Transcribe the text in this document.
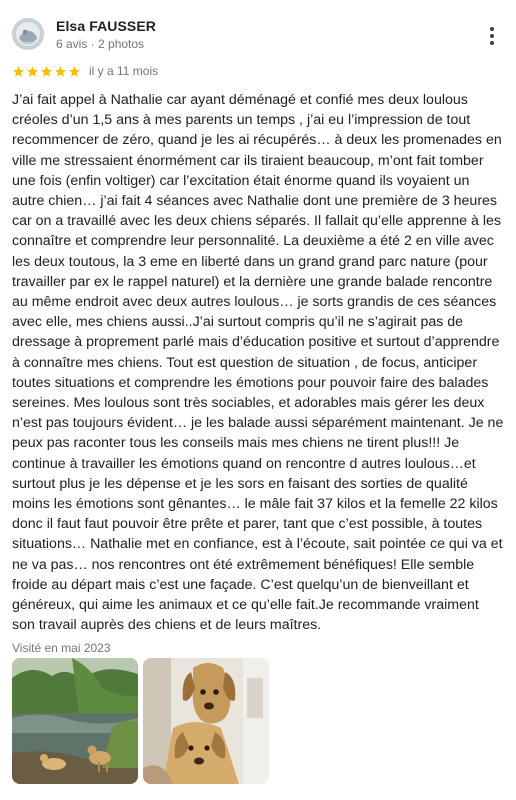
Elsa FAUSSER
6 avis · 2 photos
il y a 11 mois
J’ai fait appel à Nathalie car ayant déménagé et confié mes deux loulous créoles d’un 1,5 ans à mes parents un temps , j’ai eu l’impression de tout recommencer de zéro, quand je les ai récupérés… à deux les promenades en ville me stressaient énormément car ils tiraient beaucoup, m’ont fait tomber une fois (enfin voltiger) car l’excitation était énorme quand ils voyaient un autre chien… j’ai fait 4 séances avec Nathalie dont une première de 3 heures car on a travaillé avec les deux chiens séparés. Il fallait qu’elle apprenne à les connaître et comprendre leur personnalité. La deuxième a été 2 en ville avec les deux toutous, la 3 eme en liberté dans un grand grand parc nature (pour travailler par ex le rappel naturel) et la dernière une grande balade rencontre au même endroit avec deux autres loulous… je sorts grandis de ces séances avec elle, mes chiens aussi..J’ai surtout compris qu’il ne s’agirait pas de dressage à proprement parlé mais d’éducation positive et surtout d’apprendre à connaître mes chiens. Tout est question de situation , de focus, anticiper toutes situations et comprendre les émotions pour pouvoir faire des balades sereines. Mes loulous sont très sociables, et adorables mais gérer les deux n’est pas toujours évident… je les balade aussi séparément maintenant. Je ne peux pas raconter tous les conseils mais mes chiens ne tirent plus!!! Je continue à travailler les émotions quand on rencontre d autres loulous…et surtout plus je les dépense et je les sors en faisant des sorties de qualité moins les émotions sont gênantes… le mâle fait 37 kilos et la femelle 22 kilos donc il faut faut pouvoir être prête et parer, tant que c’est possible, à toutes situations… Nathalie met en confiance, est à l’écoute, sait pointée ce qui va et ne va pas… nos rencontres ont été extrêmement bénéfiques! Elle semble froide au départ mais c’est une façade. C’est quelqu’un de bienveillant et généreux, qui aime les animaux et ce qu’elle fait.Je recommande vraiment son travail auprès des chiens et de leurs maîtres.
Visité en mai 2023
